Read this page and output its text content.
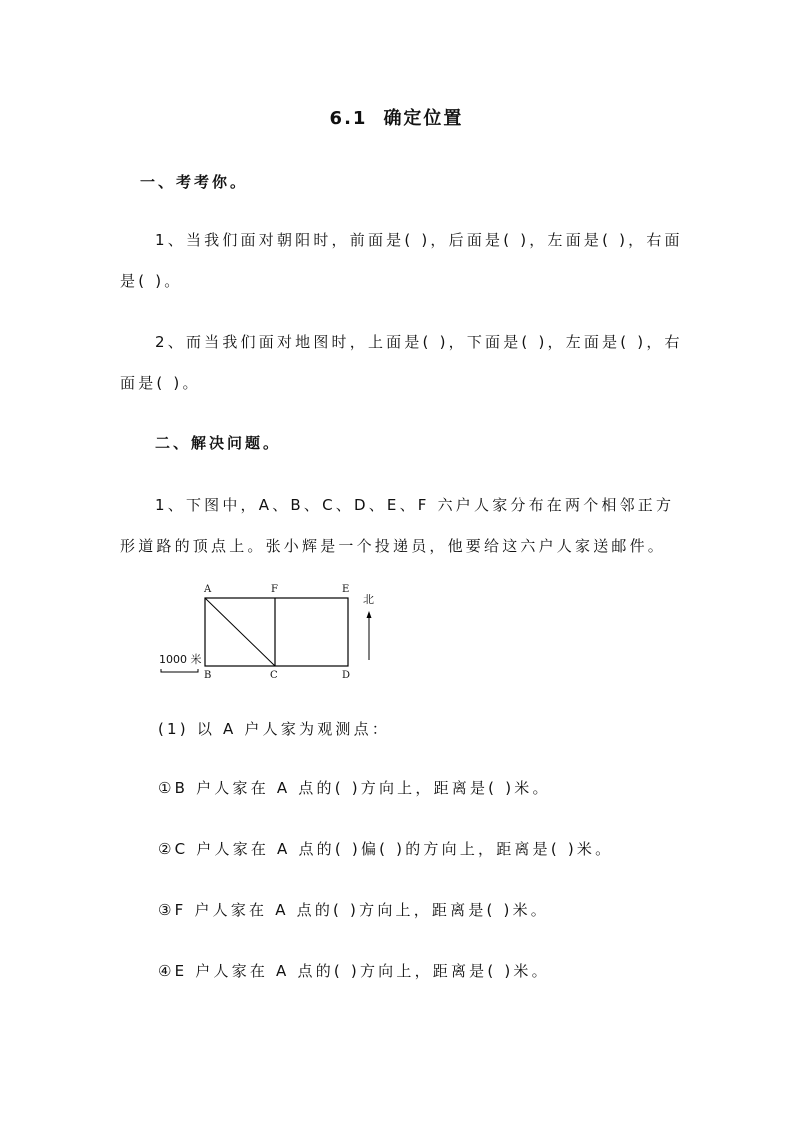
6.1 确定位置
一、考考你。
1、当我们面对朝阳时，前面是( )，后面是( )，左面是( )，右面
是( )。
2、而当我们面对地图时，上面是( )，下面是( )，左面是( )，右
面是( )。
二、解决问题。
1、下图中，A、B、C、D、E、F 六户人家分布在两个相邻正方
形道路的顶点上。张小辉是一个投递员，他要给这六户人家送邮件。
A	F	E
B	C	D
北
1000 米
(1) 以 A 户人家为观测点：
①B 户人家在 A 点的( )方向上，距离是( )米。
②C 户人家在 A 点的( )偏( )的方向上，距离是( )米。
③F 户人家在 A 点的( )方向上，距离是( )米。
④E 户人家在 A 点的( )方向上，距离是( )米。
